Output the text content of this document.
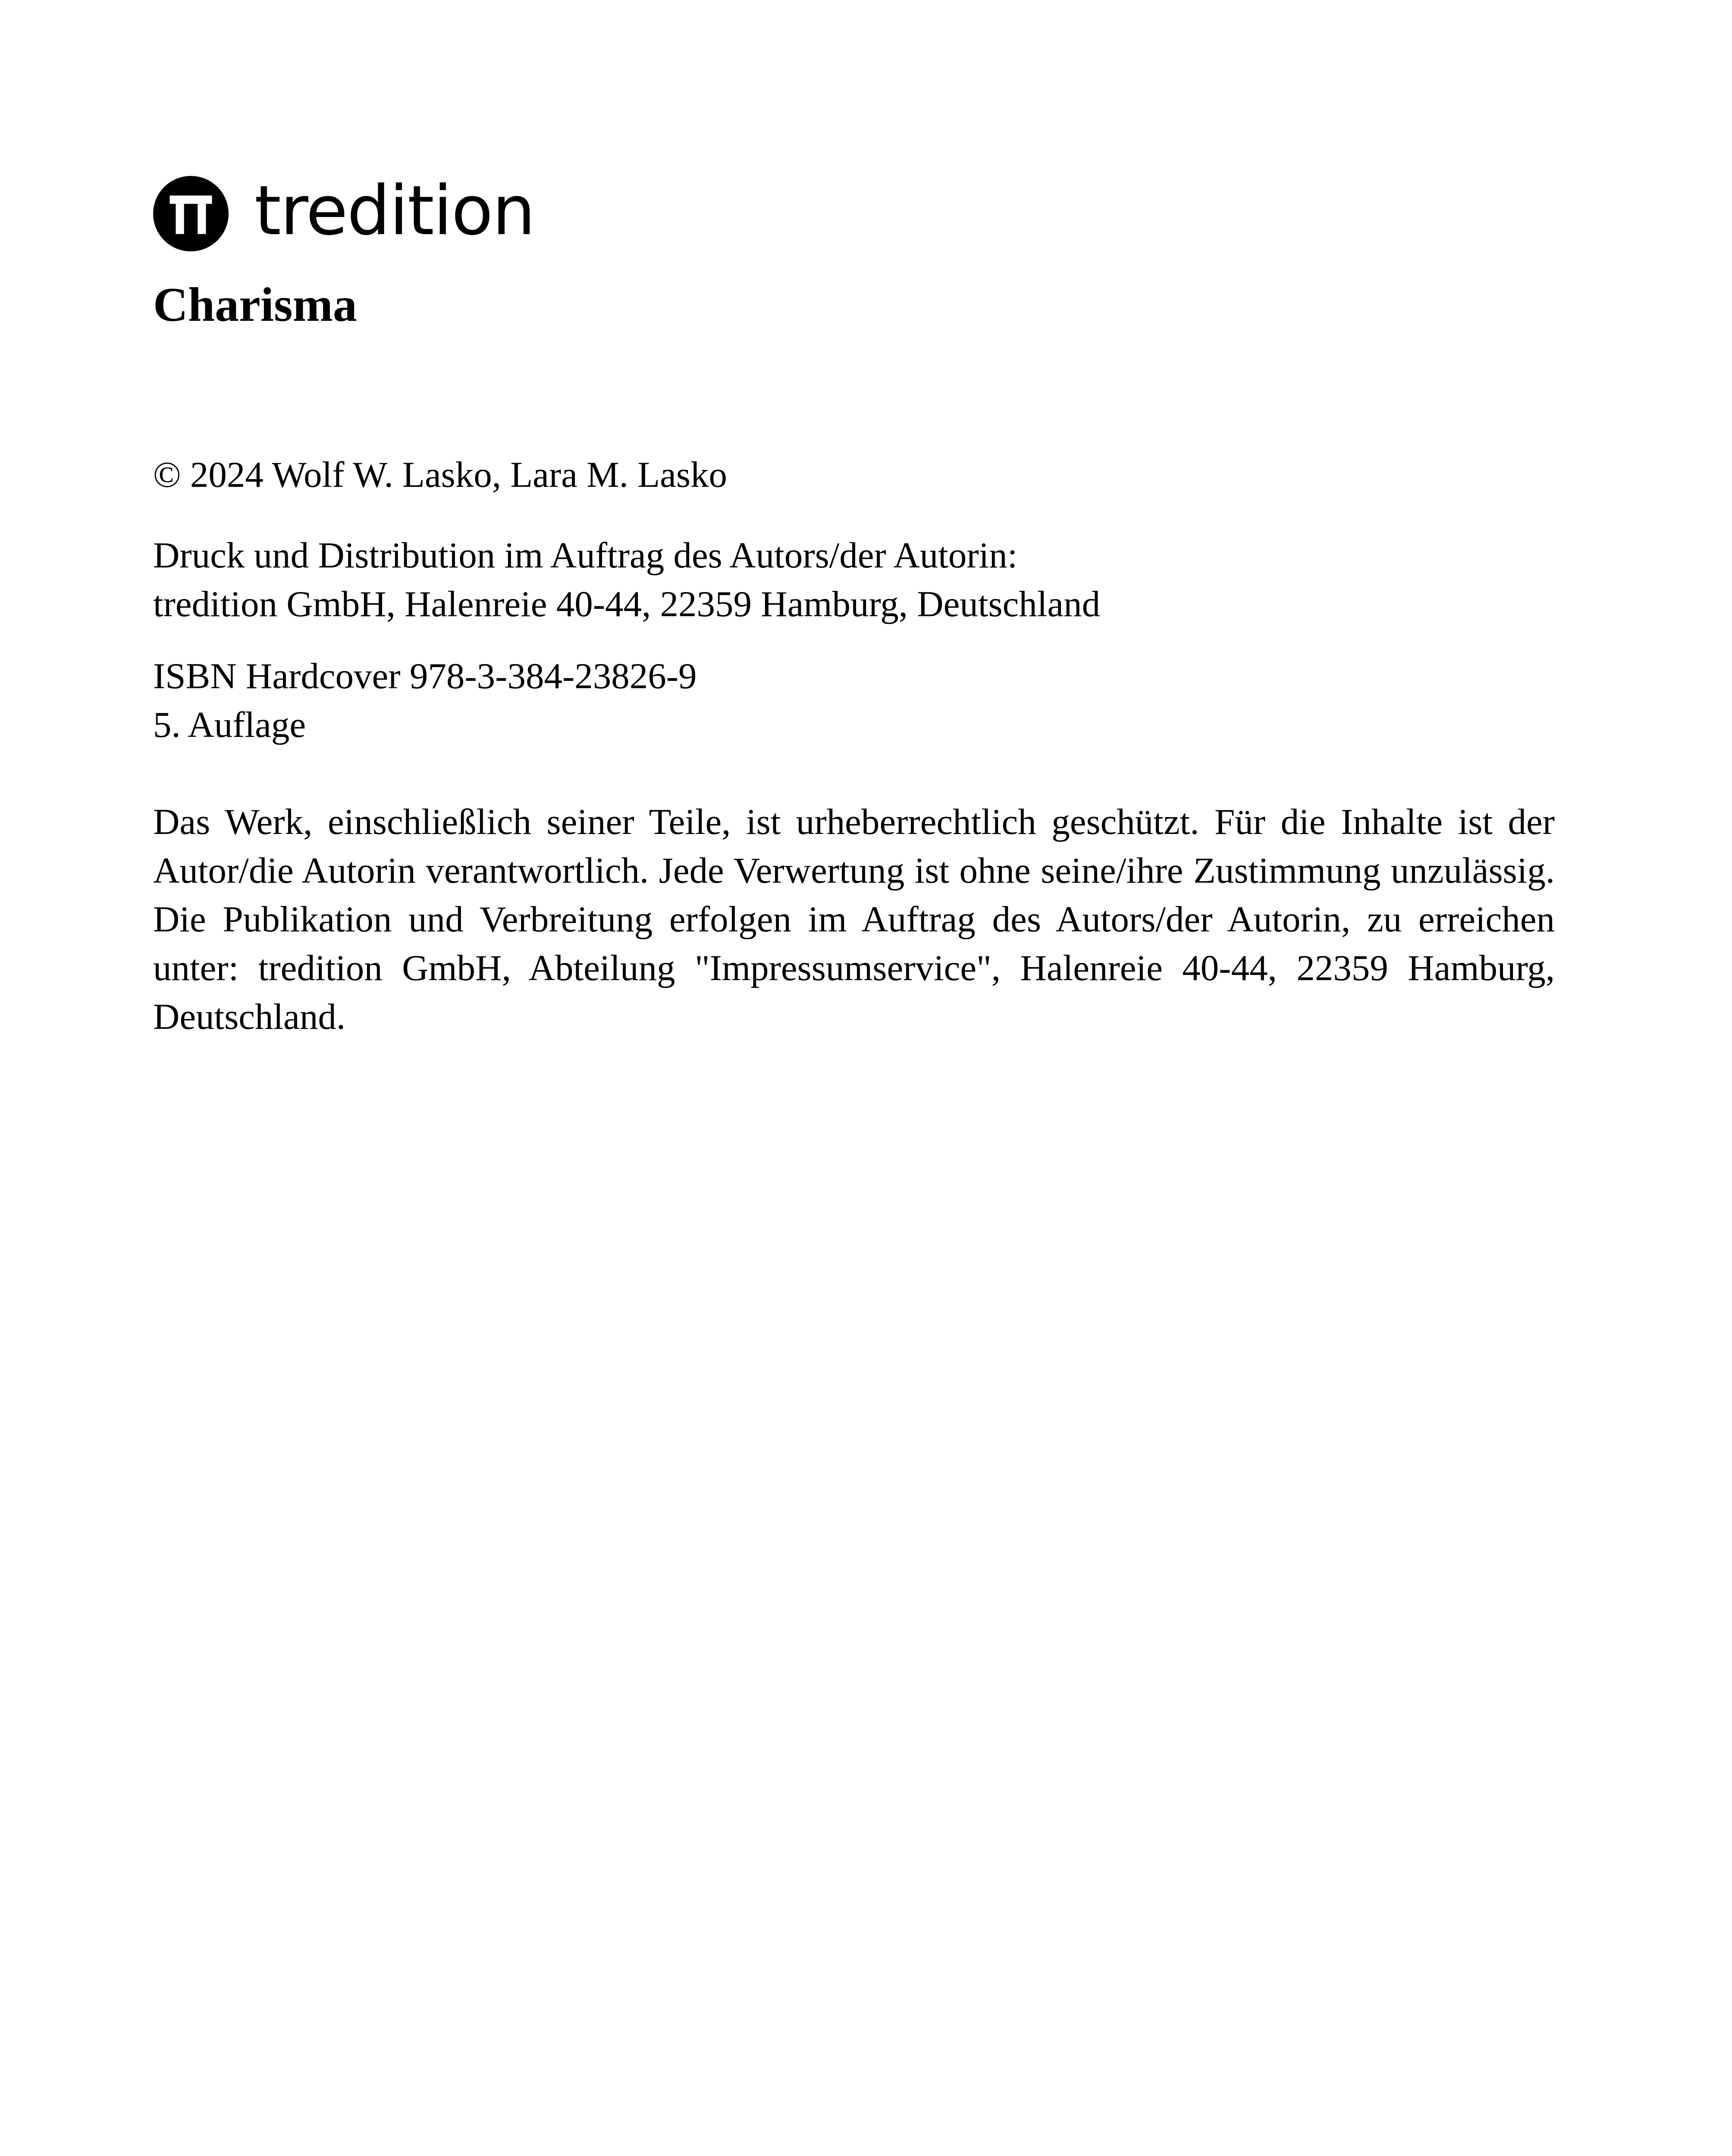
tredition
Charisma

© 2024 Wolf W. Lasko, Lara M. Lasko

Druck und Distribution im Auftrag des Autors/der Autorin:
tredition GmbH, Halenreie 40-44, 22359 Hamburg, Deutschland

ISBN Hardcover 978-3-384-23826-9
5. Auflage

Das Werk, einschließlich seiner Teile, ist urheberrechtlich geschützt. Für die Inhalte ist der Autor/die Autorin verantwortlich. Jede Verwertung ist ohne seine/ihre Zustimmung unzulässig. Die Publikation und Verbreitung erfolgen im Auftrag des Autors/der Autorin, zu erreichen unter: tredition GmbH, Abteilung "Impressumservice", Halenreie 40-44, 22359 Hamburg, Deutschland.
